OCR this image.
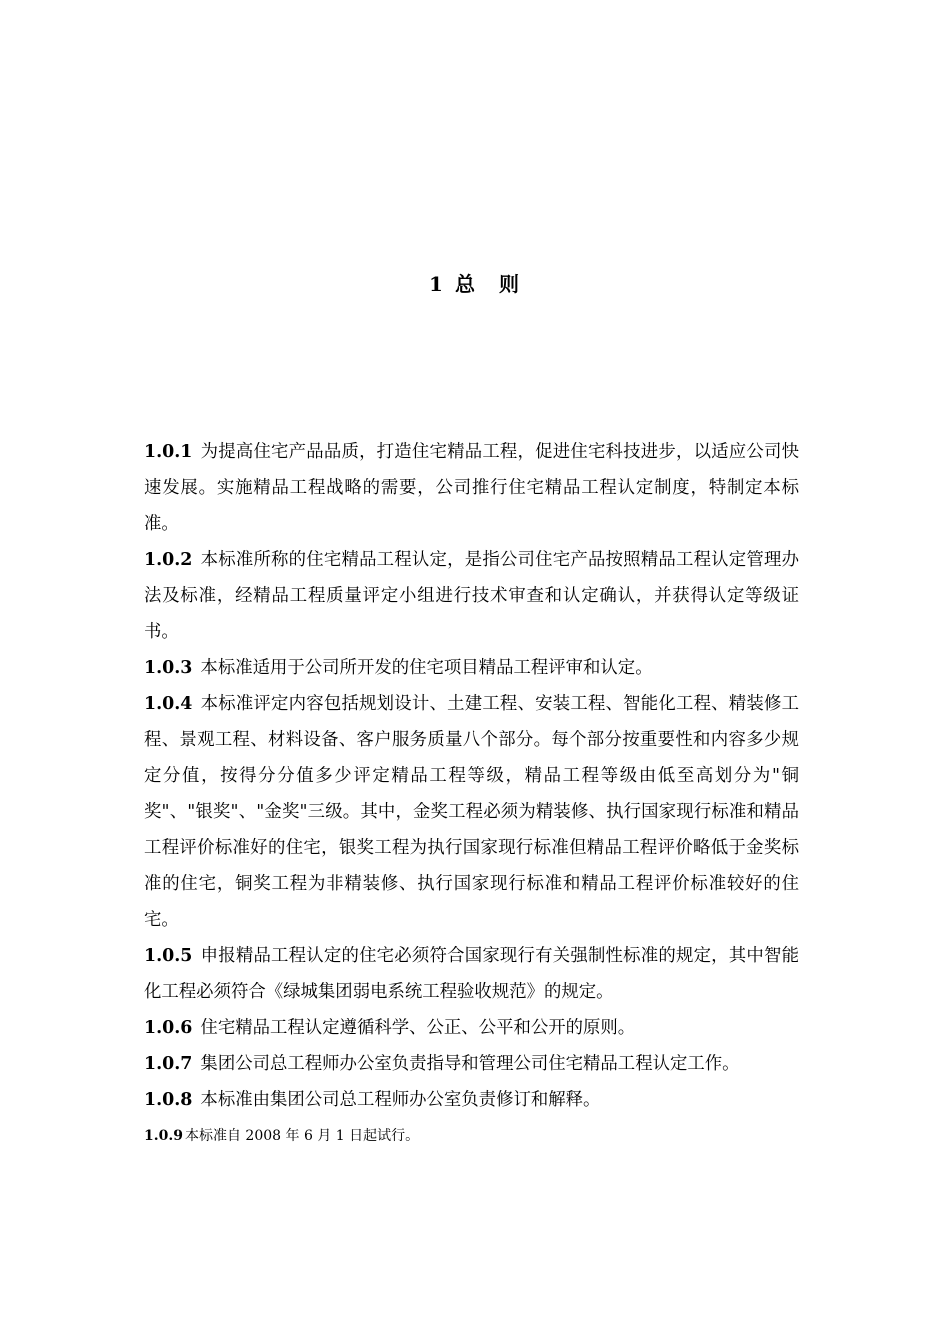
1 总 则

1.0.1 为提高住宅产品品质，打造住宅精品工程，促进住宅科技进步，以适应公司快速发展。实施精品工程战略的需要，公司推行住宅精品工程认定制度，特制定本标准。

1.0.2 本标准所称的住宅精品工程认定，是指公司住宅产品按照精品工程认定管理办法及标准，经精品工程质量评定小组进行技术审查和认定确认，并获得认定等级证书。

1.0.3 本标准适用于公司所开发的住宅项目精品工程评审和认定。

1.0.4 本标准评定内容包括规划设计、土建工程、安装工程、智能化工程、精装修工程、景观工程、材料设备、客户服务质量八个部分。每个部分按重要性和内容多少规定分值，按得分分值多少评定精品工程等级，精品工程等级由低至高划分为"铜奖"、"银奖"、"金奖"三级。其中，金奖工程必须为精装修、执行国家现行标准和精品工程评价标准好的住宅，银奖工程为执行国家现行标准但精品工程评价略低于金奖标准的住宅，铜奖工程为非精装修、执行国家现行标准和精品工程评价标准较好的住宅。

1.0.5 申报精品工程认定的住宅必须符合国家现行有关强制性标准的规定，其中智能化工程必须符合《绿城集团弱电系统工程验收规范》的规定。

1.0.6 住宅精品工程认定遵循科学、公正、公平和公开的原则。

1.0.7 集团公司总工程师办公室负责指导和管理公司住宅精品工程认定工作。

1.0.8 本标准由集团公司总工程师办公室负责修订和解释。

1.0.9 本标准自 2008 年 6 月 1 日起试行。
